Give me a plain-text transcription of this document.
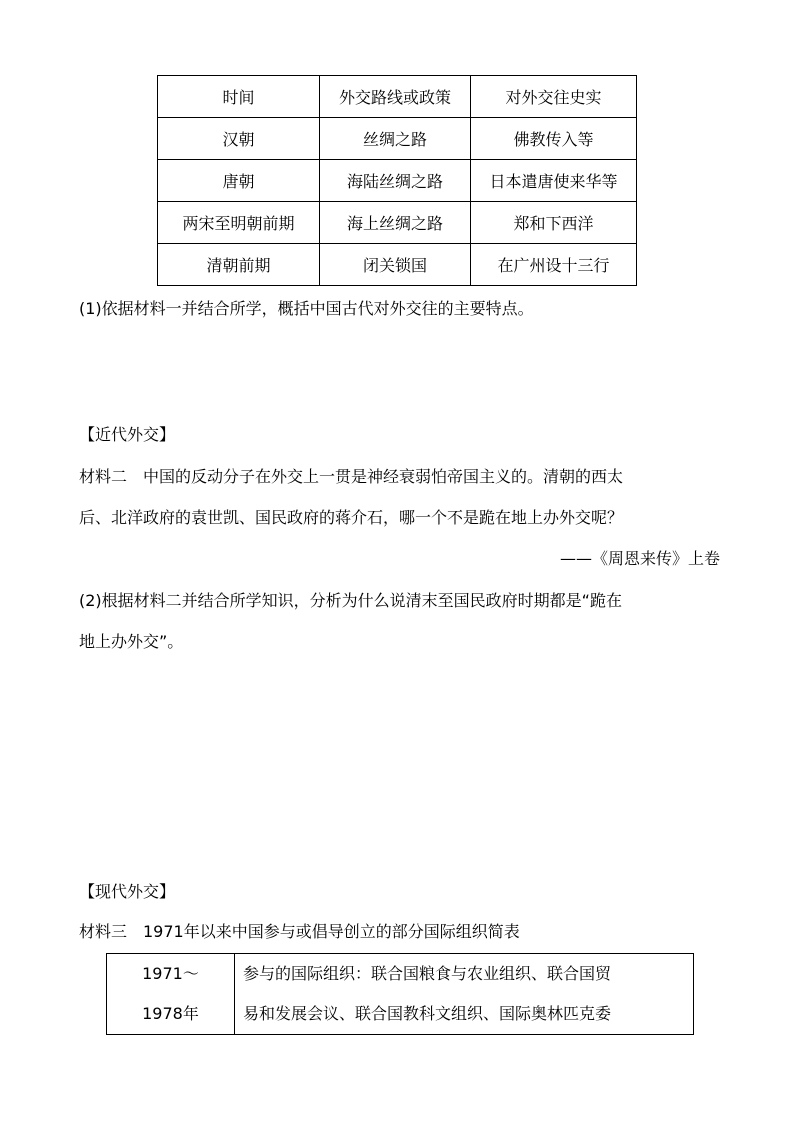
时间	外交路线或政策	对外交往史实
汉朝	丝绸之路	佛教传入等
唐朝	海陆丝绸之路	日本遣唐使来华等
两宋至明朝前期	海上丝绸之路	郑和下西洋
清朝前期	闭关锁国	在广州设十三行
(1)依据材料一并结合所学，概括中国古代对外交往的主要特点。
【近代外交】
材料二　中国的反动分子在外交上一贯是神经衰弱怕帝国主义的。清朝的西太
后、北洋政府的袁世凯、国民政府的蒋介石，哪一个不是跪在地上办外交呢？
——《周恩来传》上卷
(2)根据材料二并结合所学知识，分析为什么说清末至国民政府时期都是“跪在
地上办外交”。
【现代外交】
材料三　1971年以来中国参与或倡导创立的部分国际组织简表
1971～
1978年

参与的国际组织：联合国粮食与农业组织、联合国贸
易和发展会议、联合国教科文组织、国际奥林匹克委
